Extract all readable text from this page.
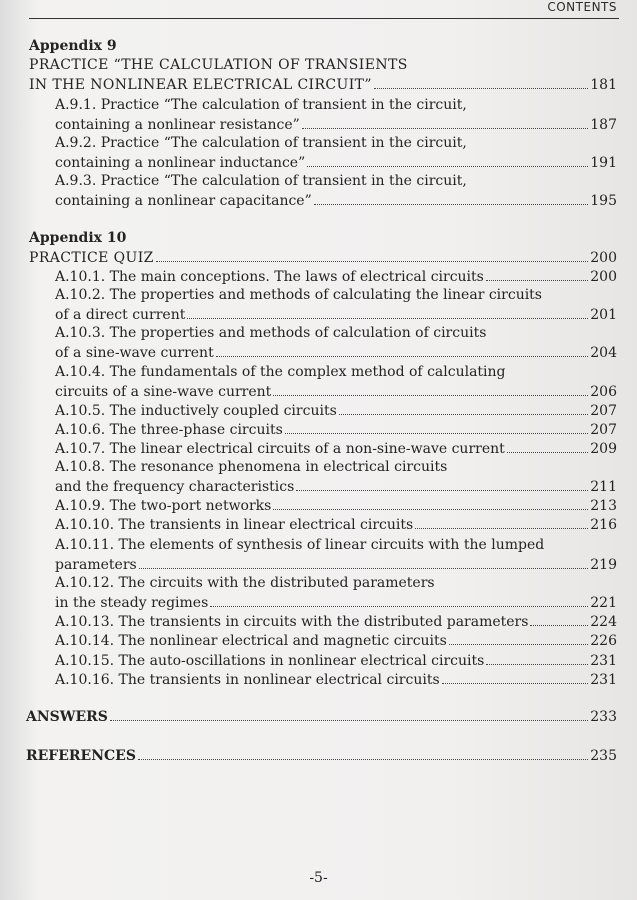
CONTENTS
Appendix 9
PRACTICE “THE CALCULATION OF TRANSIENTS
IN THE NONLINEAR ELECTRICAL CIRCUIT”	181
A.9.1. Practice “The calculation of transient in the circuit,
containing a nonlinear resistance”	187
A.9.2. Practice “The calculation of transient in the circuit,
containing a nonlinear inductance”	191
A.9.3. Practice “The calculation of transient in the circuit,
containing a nonlinear capacitance”	195
Appendix 10
PRACTICE QUIZ	200
A.10.1. The main conceptions. The laws of electrical circuits	200
A.10.2. The properties and methods of calculating the linear circuits
of a direct current	201
A.10.3. The properties and methods of calculation of circuits
of a sine-wave current	204
A.10.4. The fundamentals of the complex method of calculating
circuits of a sine-wave current	206
A.10.5. The inductively coupled circuits	207
A.10.6. The three-phase circuits	207
A.10.7. The linear electrical circuits of a non-sine-wave current	209
A.10.8. The resonance phenomena in electrical circuits
and the frequency characteristics	211
A.10.9. The two-port networks	213
A.10.10. The transients in linear electrical circuits	216
A.10.11. The elements of synthesis of linear circuits with the lumped
parameters	219
A.10.12. The circuits with the distributed parameters
in the steady regimes	221
A.10.13. The transients in circuits with the distributed parameters	224
A.10.14. The nonlinear electrical and magnetic circuits	226
A.10.15. The auto-oscillations in nonlinear electrical circuits	231
A.10.16. The transients in nonlinear electrical circuits	231
ANSWERS	233
REFERENCES	235
-5-
